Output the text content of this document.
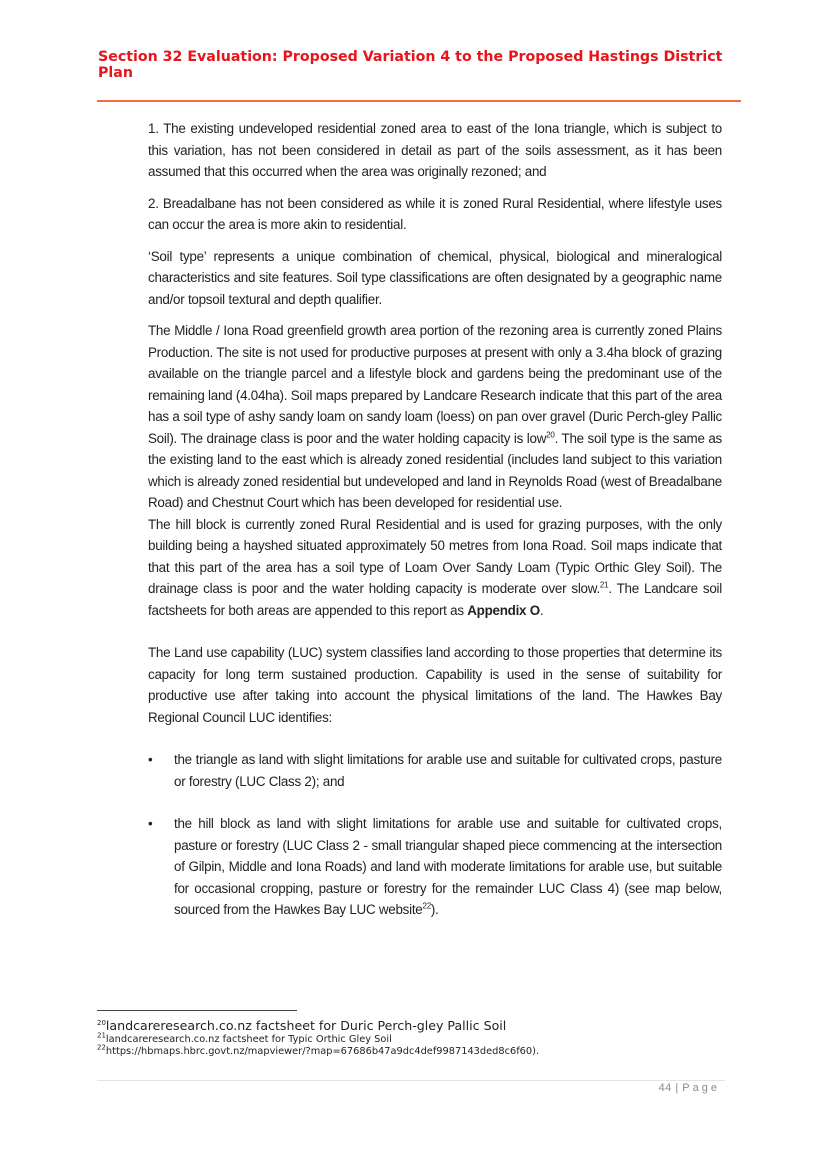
Section 32 Evaluation: Proposed Variation 4 to the Proposed Hastings District Plan

1. The existing undeveloped residential zoned area to east of the Iona triangle, which is subject to this variation, has not been considered in detail as part of the soils assessment, as it has been assumed that this occurred when the area was originally rezoned; and

2. Breadalbane has not been considered as while it is zoned Rural Residential, where lifestyle uses can occur the area is more akin to residential.

‘Soil type’ represents a unique combination of chemical, physical, biological and mineralogical characteristics and site features. Soil type classifications are often designated by a geographic name and/or topsoil textural and depth qualifier.

The Middle / Iona Road greenfield growth area portion of the rezoning area is currently zoned Plains Production. The site is not used for productive purposes at present with only a 3.4ha block of grazing available on the triangle parcel and a lifestyle block and gardens being the predominant use of the remaining land (4.04ha). Soil maps prepared by Landcare Research indicate that this part of the area has a soil type of ashy sandy loam on sandy loam (loess) on pan over gravel (Duric Perch-gley Pallic Soil). The drainage class is poor and the water holding capacity is low$^{20}$. The soil type is the same as the existing land to the east which is already zoned residential (includes land subject to this variation which is already zoned residential but undeveloped and land in Reynolds Road (west of Breadalbane Road) and Chestnut Court which has been developed for residential use.

The hill block is currently zoned Rural Residential and is used for grazing purposes, with the only building being a hayshed situated approximately 50 metres from Iona Road. Soil maps indicate that that this part of the area has a soil type of Loam Over Sandy Loam (Typic Orthic Gley Soil). The drainage class is poor and the water holding capacity is moderate over slow.$^{21}$. The Landcare soil factsheets for both areas are appended to this report as Appendix O.

The Land use capability (LUC) system classifies land according to those properties that determine its capacity for long term sustained production. Capability is used in the sense of suitability for productive use after taking into account the physical limitations of the land. The Hawkes Bay Regional Council LUC identifies:

• the triangle as land with slight limitations for arable use and suitable for cultivated crops, pasture or forestry (LUC Class 2); and

• the hill block as land with slight limitations for arable use and suitable for cultivated crops, pasture or forestry (LUC Class 2 - small triangular shaped piece commencing at the intersection of Gilpin, Middle and Iona Roads) and land with moderate limitations for arable use, but suitable for occasional cropping, pasture or forestry for the remainder LUC Class 4) (see map below, sourced from the Hawkes Bay LUC website$^{22}$).

$^{20}$landcareresearch.co.nz factsheet for Duric Perch-gley Pallic Soil
$^{21}$landcareresearch.co.nz factsheet for Typic Orthic Gley Soil
$^{22}$https://hbmaps.hbrc.govt.nz/mapviewer/?map=67686b47a9dc4def9987143ded8c6f60).
44 | Page
